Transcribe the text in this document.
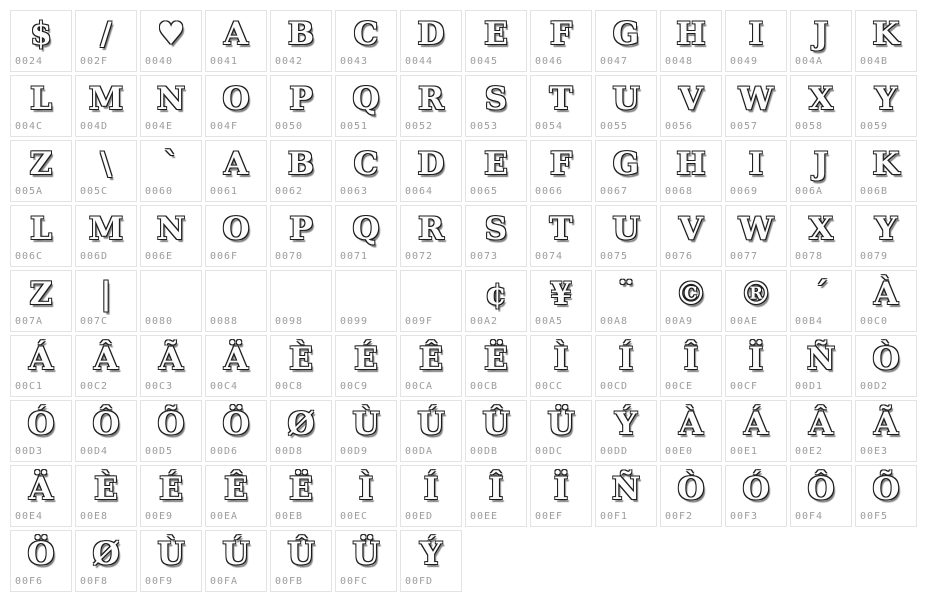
$
0024
/
002F
♥
0040
A
0041
B
0042
C
0043
D
0044
E
0045
F
0046
G
0047
H
0048
I
0049
J
004A
K
004B
L
004C
M
004D
N
004E
O
004F
P
0050
Q
0051
R
0052
S
0053
T
0054
U
0055
V
0056
W
0057
X
0058
Y
0059
Z
005A
\
005C
`
0060
A
0061
B
0062
C
0063
D
0064
E
0065
F
0066
G
0067
H
0068
I
0069
J
006A
K
006B
L
006C
M
006D
N
006E
O
006F
P
0070
Q
0071
R
0072
S
0073
T
0074
U
0075
V
0076
W
0077
X
0078
Y
0079
Z
007A
|
007C	0080	0088	0098	0099	009F
¢
00A2
¥
00A5
¨
00A8
©
00A9
®
00AE
´
00B4
À
00C0
Á
00C1
Â
00C2
Ã
00C3
Ä
00C4
È
00C8
É
00C9
Ê
00CA
Ë
00CB
Ì
00CC
Í
00CD
Î
00CE
Ï
00CF
Ñ
00D1
Ò
00D2
Ó
00D3
Ô
00D4
Õ
00D5
Ö
00D6
Ø
00D8
Ù
00D9
Ú
00DA
Û
00DB
Ü
00DC
Ý
00DD
À
00E0
Á
00E1
Â
00E2
Ã
00E3
Ä
00E4
È
00E8
É
00E9
Ê
00EA
Ë
00EB
Ì
00EC
Í
00ED
Î
00EE
Ï
00EF
Ñ
00F1
Ò
00F2
Ó
00F3
Ô
00F4
Õ
00F5
Ö
00F6
Ø
00F8
Ù
00F9
Ú
00FA
Û
00FB
Ü
00FC
Ý
00FD
